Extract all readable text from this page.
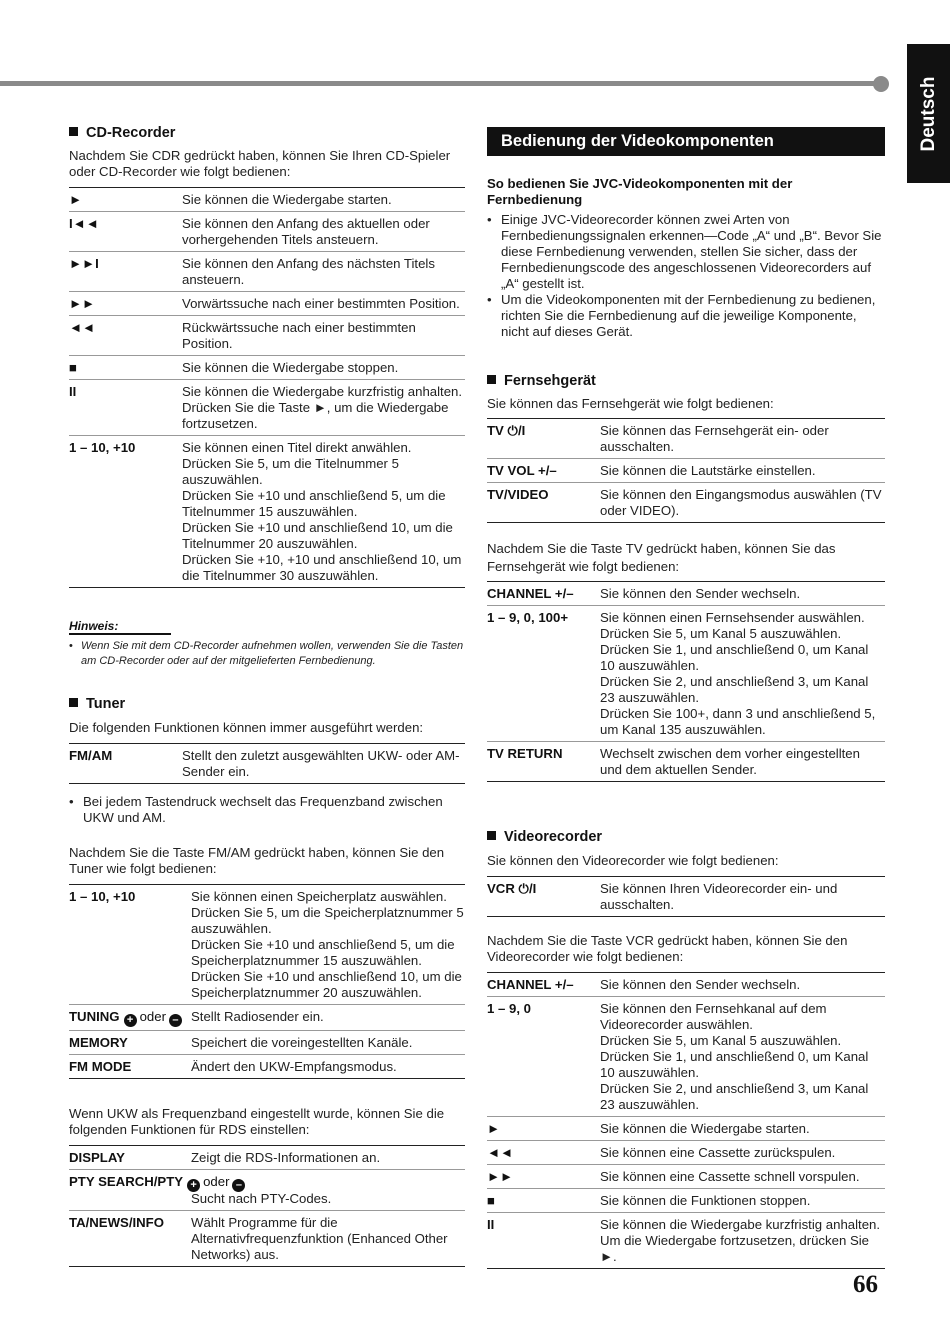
Deutsch
CD-Recorder
Nachdem Sie CDR gedrückt haben, können Sie Ihren CD-Spieler oder CD-Recorder wie folgt bedienen:
►	Sie können die Wiedergabe starten.
I◄◄	Sie können den Anfang des aktuellen oder vorhergehenden Titels ansteuern.
►►I	Sie können den Anfang des nächsten Titels ansteuern.
►►	Vorwärtssuche nach einer bestimmten Position.
◄◄	Rückwärtssuche nach einer bestimmten Position.
■	Sie können die Wiedergabe stoppen.
II	Sie können die Wiedergabe kurzfristig anhalten. Drücken Sie die Taste ►, um die Wiedergabe fortzusetzen.
1 – 10, +10	Sie können einen Titel direkt anwählen.
Drücken Sie 5, um die Titelnummer 5 auszuwählen.
Drücken Sie +10 und anschließend 5, um die Titelnummer 15 auszuwählen.
Drücken Sie +10 und anschließend 10, um die Titelnummer 20 auszuwählen.
Drücken Sie +10, +10 und anschließend 10, um die Titelnummer 30 auszuwählen.
Hinweis:
• Wenn Sie mit dem CD-Recorder aufnehmen wollen, verwenden Sie die Tasten am CD-Recorder oder auf der mitgelieferten Fernbedienung.
Tuner
Die folgenden Funktionen können immer ausgeführt werden:
FM/AM	Stellt den zuletzt ausgewählten UKW- oder AM-Sender ein.
• Bei jedem Tastendruck wechselt das Frequenzband zwischen UKW und AM.
Nachdem Sie die Taste FM/AM gedrückt haben, können Sie den Tuner wie folgt bedienen:
1 – 10, +10	Sie können einen Speicherplatz auswählen.
Drücken Sie 5, um die Speicherplatznummer 5 auszuwählen.
Drücken Sie +10 und anschließend 5, um die Speicherplatznummer 15 auszuwählen.
Drücken Sie +10 und anschließend 10, um die Speicherplatznummer 20 auszuwählen.
TUNING + oder – Stellt Radiosender ein.
MEMORY	Speichert die voreingestellten Kanäle.
FM MODE	Ändert den UKW-Empfangsmodus.
Wenn UKW als Frequenzband eingestellt wurde, können Sie die folgenden Funktionen für RDS einstellen:
DISPLAY	Zeigt die RDS-Informationen an.
PTY SEARCH/PTY + oder –
Sucht nach PTY-Codes.
TA/NEWS/INFO	Wählt Programme für die Alternativfrequenzfunktion (Enhanced Other Networks) aus.
Bedienung der Videokomponenten
So bedienen Sie JVC-Videokomponenten mit der Fernbedienung
• Einige JVC-Videorecorder können zwei Arten von Fernbedienungssignalen erkennen—Code „A“ und „B“. Bevor Sie diese Fernbedienung verwenden, stellen Sie sicher, dass der Fernbedienungscode des angeschlossenen Videorecorders auf „A“ gestellt ist.
• Um die Videokomponenten mit der Fernbedienung zu bedienen, richten Sie die Fernbedienung auf die jeweilige Komponente, nicht auf dieses Gerät.
Fernsehgerät
Sie können das Fernsehgerät wie folgt bedienen:
TV ⏻/I	Sie können das Fernsehgerät ein- oder ausschalten.
TV VOL +/–	Sie können die Lautstärke einstellen.
TV/VIDEO	Sie können den Eingangsmodus auswählen (TV oder VIDEO).
Nachdem Sie die Taste TV gedrückt haben, können Sie das Fernsehgerät wie folgt bedienen:
CHANNEL +/–	Sie können den Sender wechseln.
1 – 9, 0, 100+	Sie können einen Fernsehsender auswählen.
Drücken Sie 5, um Kanal 5 auszuwählen.
Drücken Sie 1, und anschließend 0, um Kanal 10 auszuwählen.
Drücken Sie 2, und anschließend 3, um Kanal 23 auszuwählen.
Drücken Sie 100+, dann 3 und anschließend 5, um Kanal 135 auszuwählen.
TV RETURN	Wechselt zwischen dem vorher eingestellten und dem aktuellen Sender.
Videorecorder
Sie können den Videorecorder wie folgt bedienen:
VCR ⏻/I	Sie können Ihren Videorecorder ein- und ausschalten.
Nachdem Sie die Taste VCR gedrückt haben, können Sie den Videorecorder wie folgt bedienen:
CHANNEL +/–	Sie können den Sender wechseln.
1 – 9, 0	Sie können den Fernsehkanal auf dem Videorecorder auswählen.
Drücken Sie 5, um Kanal 5 auszuwählen.
Drücken Sie 1, und anschließend 0, um Kanal 10 auszuwählen.
Drücken Sie 2, und anschließend 3, um Kanal 23 auszuwählen.
►	Sie können die Wiedergabe starten.
◄◄	Sie können eine Cassette zurückspulen.
►►	Sie können eine Cassette schnell vorspulen.
■	Sie können die Funktionen stoppen.
II	Sie können die Wiedergabe kurzfristig anhalten. Um die Wiedergabe fortzusetzen, drücken Sie ►.
66
